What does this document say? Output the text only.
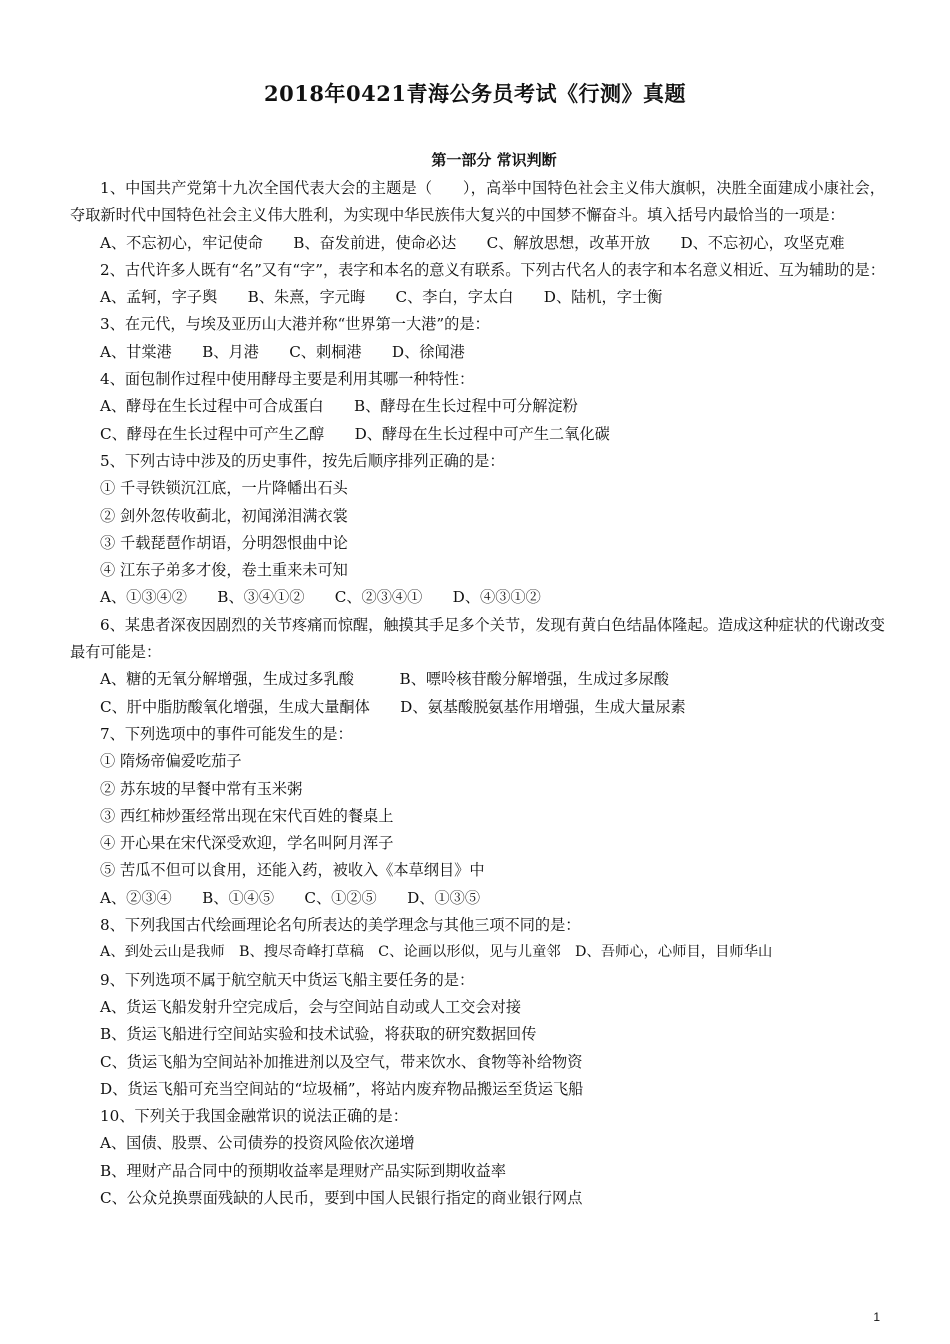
2018年0421青海公务员考试《行测》真题
第一部分 常识判断

1、中国共产党第十九次全国代表大会的主题是（　　），高举中国特色社会主义伟大旗帜，决胜全面建成小康社会，夺取新时代中国特色社会主义伟大胜利，为实现中华民族伟大复兴的中国梦不懈奋斗。填入括号内最恰当的一项是：

A、不忘初心，牢记使命　　B、奋发前进，使命必达　　C、解放思想，改革开放　　D、不忘初心，攻坚克难

2、古代许多人既有“名”又有“字”，表字和本名的意义有联系。下列古代名人的表字和本名意义相近、互为辅助的是：

A、孟轲，字子舆　　B、朱熹，字元晦　　C、李白，字太白　　D、陆机，字士衡

3、在元代，与埃及亚历山大港并称“世界第一大港”的是：

A、甘棠港　　B、月港　　C、刺桐港　　D、徐闻港

4、面包制作过程中使用酵母主要是利用其哪一种特性：

A、酵母在生长过程中可合成蛋白　　B、酵母在生长过程中可分解淀粉

C、酵母在生长过程中可产生乙醇　　D、酵母在生长过程中可产生二氧化碳

5、下列古诗中涉及的历史事件，按先后顺序排列正确的是：

① 千寻铁锁沉江底，一片降幡出石头

② 剑外忽传收蓟北，初闻涕泪满衣裳

③ 千载琵琶作胡语，分明怨恨曲中论

④ 江东子弟多才俊，卷土重来未可知

A、①③④②　　B、③④①②　　C、②③④①　　D、④③①②

6、某患者深夜因剧烈的关节疼痛而惊醒，触摸其手足多个关节，发现有黄白色结晶体隆起。造成这种症状的代谢改变最有可能是：

A、糖的无氧分解增强，生成过多乳酸　　　B、嘌呤核苷酸分解增强，生成过多尿酸

C、肝中脂肪酸氧化增强，生成大量酮体　　D、氨基酸脱氨基作用增强，生成大量尿素

7、下列选项中的事件可能发生的是：

① 隋炀帝偏爱吃茄子

② 苏东坡的早餐中常有玉米粥

③ 西红柿炒蛋经常出现在宋代百姓的餐桌上

④ 开心果在宋代深受欢迎，学名叫阿月浑子

⑤ 苦瓜不但可以食用，还能入药，被收入《本草纲目》中

A、②③④　　B、①④⑤　　C、①②⑤　　D、①③⑤

8、下列我国古代绘画理论名句所表达的美学理念与其他三项不同的是：

A、到处云山是我师　B、搜尽奇峰打草稿　C、论画以形似，见与儿童邻　D、吾师心，心师目，目师华山

9、下列选项不属于航空航天中货运飞船主要任务的是：

A、货运飞船发射升空完成后，会与空间站自动或人工交会对接

B、货运飞船进行空间站实验和技术试验，将获取的研究数据回传

C、货运飞船为空间站补加推进剂以及空气，带来饮水、食物等补给物资

D、货运飞船可充当空间站的“垃圾桶”，将站内废弃物品搬运至货运飞船

10、下列关于我国金融常识的说法正确的是：

A、国债、股票、公司债券的投资风险依次递增

B、理财产品合同中的预期收益率是理财产品实际到期收益率

C、公众兑换票面残缺的人民币，要到中国人民银行指定的商业银行网点

1
